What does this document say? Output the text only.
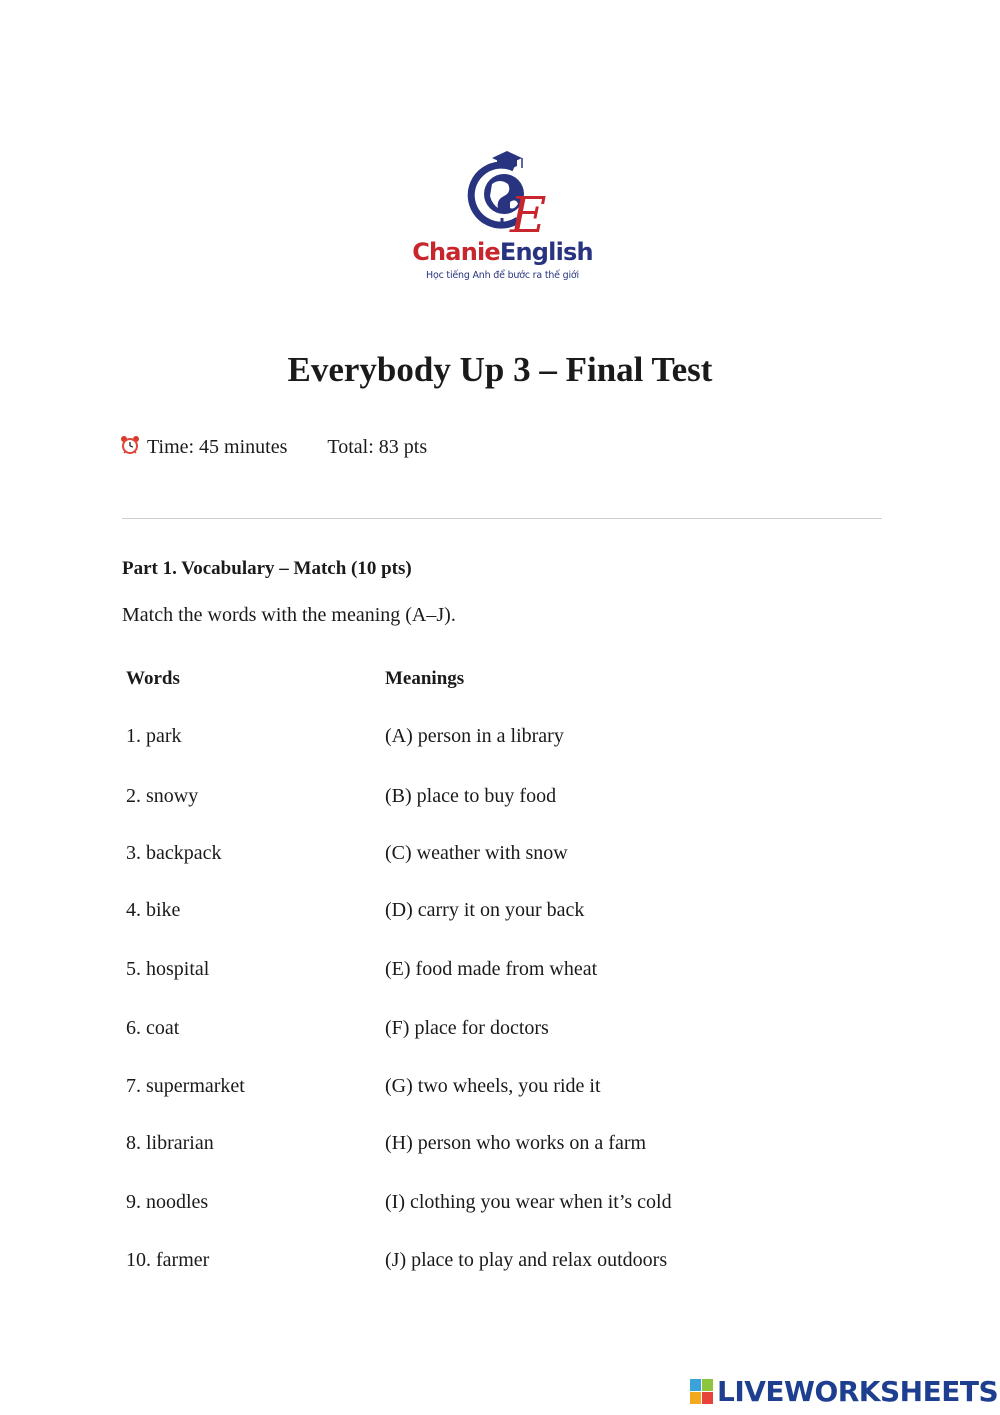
E
ChanieEnglish
Học tiếng Anh để bước ra thế giới
Everybody Up 3 – Final Test
Time: 45 minutes Total: 83 pts
Part 1. Vocabulary – Match (10 pts)

Match the words with the meaning (A–J).

Words	Meanings
1. park	(A) person in a library
2. snowy	(B) place to buy food
3. backpack	(C) weather with snow
4. bike	(D) carry it on your back
5. hospital	(E) food made from wheat
6. coat	(F) place for doctors
7. supermarket	(G) two wheels, you ride it
8. librarian	(H) person who works on a farm
9. noodles	(I) clothing you wear when it’s cold
10. farmer	(J) place to play and relax outdoors
LIVEWORKSHEETS
